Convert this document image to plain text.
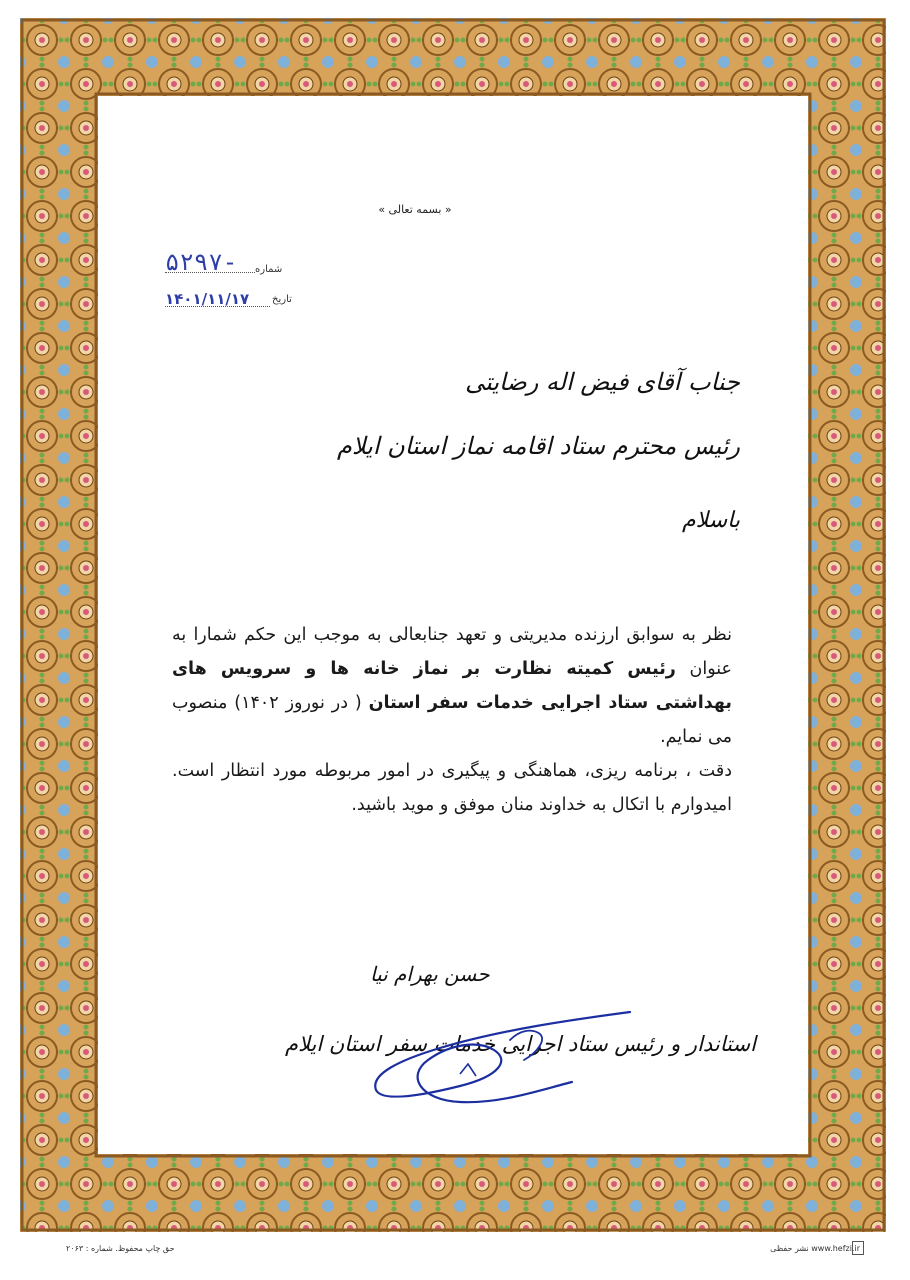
« بسمه تعالی »
شماره
۵۲۹۷-
تاریخ
۱۴۰۱/۱۱/۱۷
جناب آقای فیض اله رضایتی
رئیس محترم ستاد اقامه نماز استان ایلام
باسلام
نظر به سوابق ارزنده مدیریتی و تعهد جنابعالی به موجب این حکم شمارا به عنوان رئیس کمیته نظارت بر نماز خانه ها و سرویس های بهداشتی ستاد اجرایی خدمات سفر استان ( در نوروز ۱۴۰۲) منصوب می نمایم.
دقت ، برنامه ریزی، هماهنگی و پیگیری در امور مربوطه مورد انتظار است. امیدوارم با اتکال به خداوند منان موفق و موید باشید.
حسن بهرام نیا
استاندار و رئیس ستاد اجرایی خدمات سفر استان ایلام
حق چاپ محفوظ. شماره : ۲۰۶۳	www.hefzi.ir نشر حفظی
